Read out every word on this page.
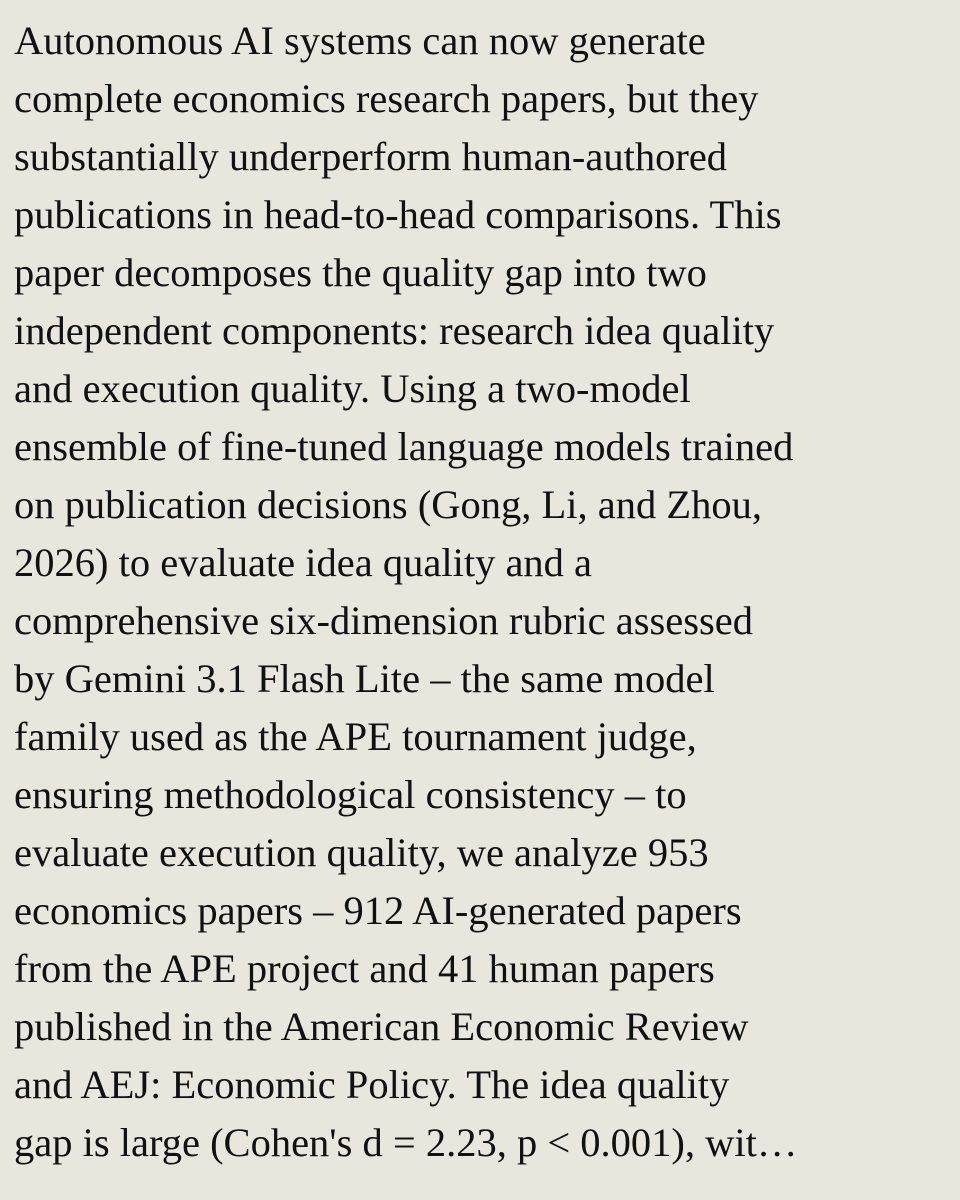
Autonomous AI systems can now generate
complete economics research papers, but they
substantially underperform human-authored
publications in head-to-head comparisons. This
paper decomposes the quality gap into two
independent components: research idea quality
and execution quality. Using a two-model
ensemble of fine-tuned language models trained
on publication decisions (Gong, Li, and Zhou,
2026) to evaluate idea quality and a
comprehensive six-dimension rubric assessed
by Gemini 3.1 Flash Lite – the same model
family used as the APE tournament judge,
ensuring methodological consistency – to
evaluate execution quality, we analyze 953
economics papers – 912 AI-generated papers
from the APE project and 41 human papers
published in the American Economic Review
and AEJ: Economic Policy. The idea quality
gap is large (Cohen's d = 2.23, p < 0.001), wit…
